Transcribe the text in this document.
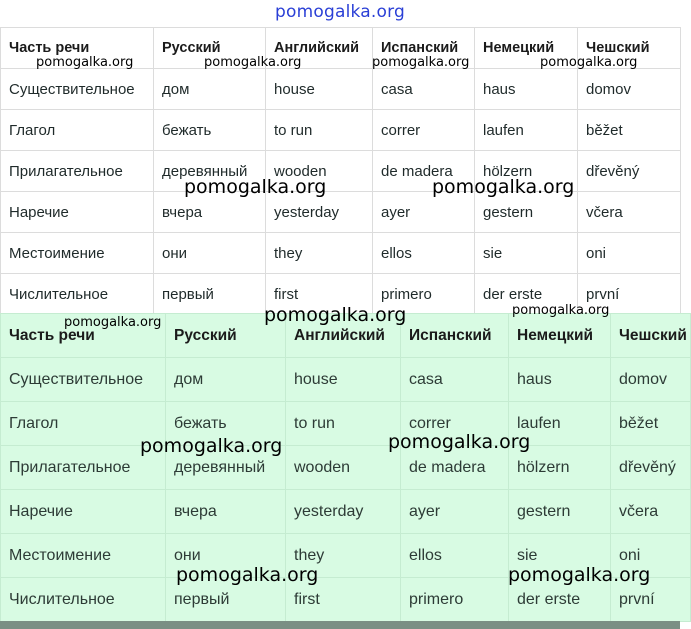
pomogalka.org
Часть речи	Русский	Английский	Испанский	Немецкий	Чешский
Существительное	дом	house	casa	haus	domov
Глагол	бежать	to run	correr	laufen	běžet
Прилагательное	деревянный	wooden	de madera	hölzern	dřevěný
Наречие	вчера	yesterday	ayer	gestern	včera
Местоимение	они	they	ellos	sie	oni
Числительное	первый	first	primero	der erste	první
Часть речи	Русский	Английский	Испанский	Немецкий	Чешский
Существительное	дом	house	casa	haus	domov
Глагол	бежать	to run	correr	laufen	běžet
Прилагательное	деревянный	wooden	de madera	hölzern	dřevěný
Наречие	вчера	yesterday	ayer	gestern	včera
Местоимение	они	they	ellos	sie	oni
Числительное	первый	first	primero	der erste	první
pomogalka.org	pomogalka.org	pomogalka.org	pomogalka.org
pomogalka.org	pomogalka.org
pomogalka.org	pomogalka.org
pomogalka.org
pomogalka.org	pomogalka.org
pomogalka.org	pomogalka.org
